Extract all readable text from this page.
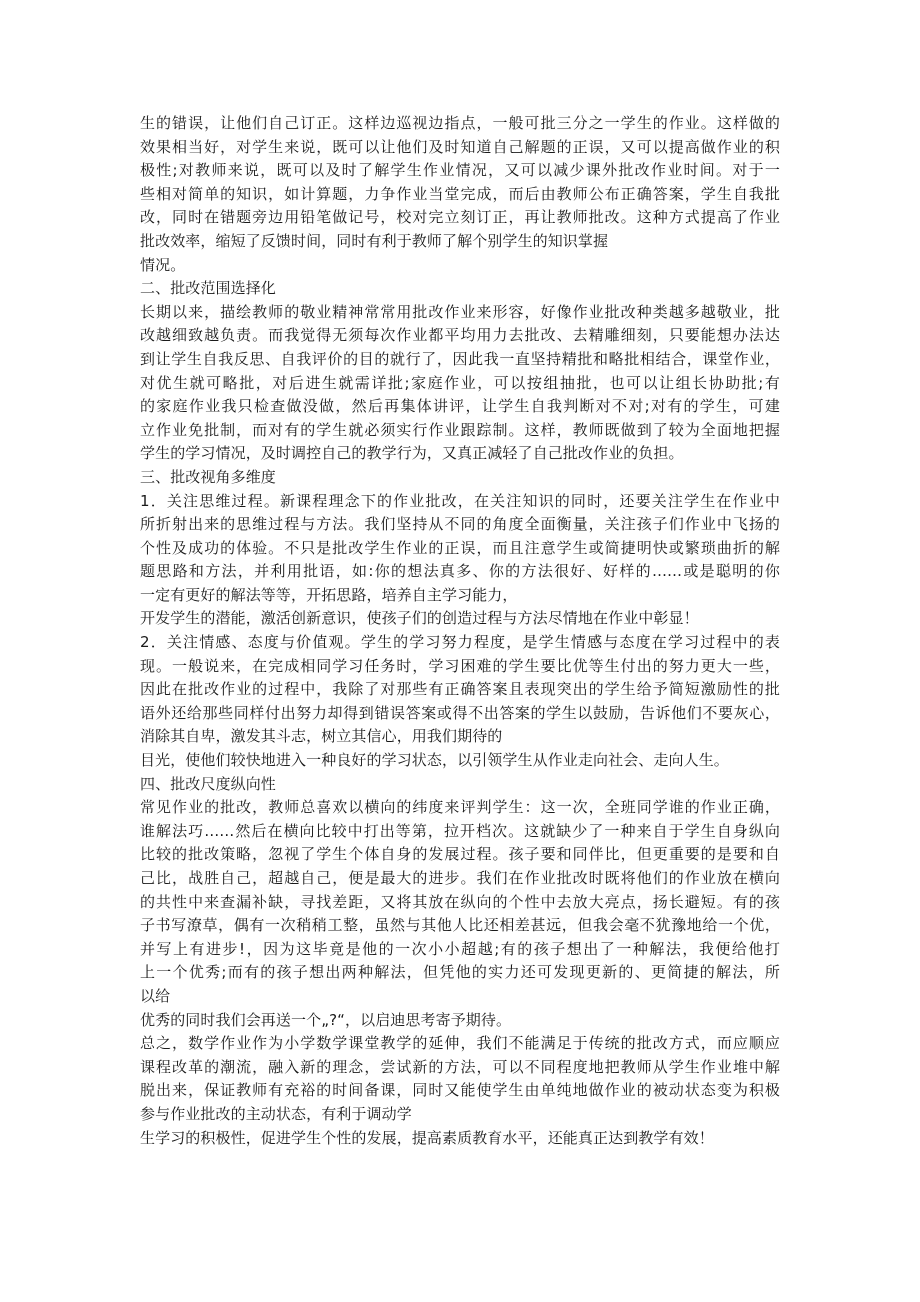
生的错误，让他们自己订正。这样边巡视边指点，一般可批三分之一学生的作业。这样做的
效果相当好，对学生来说，既可以让他们及时知道自己解题的正误，又可以提高做作业的积
极性;对教师来说，既可以及时了解学生作业情况，又可以减少课外批改作业时间。对于一
些相对简单的知识，如计算题，力争作业当堂完成，而后由教师公布正确答案，学生自我批
改，同时在错题旁边用铅笔做记号，校对完立刻订正，再让教师批改。这种方式提高了作业
批改效率，缩短了反馈时间，同时有利于教师了解个别学生的知识掌握
情况。
二、批改范围选择化
长期以来，描绘教师的敬业精神常常用批改作业来形容，好像作业批改种类越多越敬业，批
改越细致越负责。而我觉得无须每次作业都平均用力去批改、去精雕细刻，只要能想办法达
到让学生自我反思、自我评价的目的就行了，因此我一直坚持精批和略批相结合，课堂作业，
对优生就可略批，对后进生就需详批;家庭作业，可以按组抽批，也可以让组长协助批;有
的家庭作业我只检查做没做，然后再集体讲评，让学生自我判断对不对;对有的学生，可建
立作业免批制，而对有的学生就必须实行作业跟踪制。这样，教师既做到了较为全面地把握
学生的学习情况，及时调控自己的教学行为，又真正减轻了自己批改作业的负担。
三、批改视角多维度
1．关注思维过程。新课程理念下的作业批改，在关注知识的同时，还要关注学生在作业中
所折射出来的思维过程与方法。我们坚持从不同的角度全面衡量，关注孩子们作业中飞扬的
个性及成功的体验。不只是批改学生作业的正误，而且注意学生或简捷明快或繁琐曲折的解
题思路和方法，并利用批语，如:你的想法真多、你的方法很好、好样的……或是聪明的你
一定有更好的解法等等，开拓思路，培养自主学习能力，
开发学生的潜能，激活创新意识，使孩子们的创造过程与方法尽情地在作业中彰显！
2．关注情感、态度与价值观。学生的学习努力程度，是学生情感与态度在学习过程中的表
现。一般说来，在完成相同学习任务时，学习困难的学生要比优等生付出的努力更大一些，
因此在批改作业的过程中，我除了对那些有正确答案且表现突出的学生给予简短激励性的批
语外还给那些同样付出努力却得到错误答案或得不出答案的学生以鼓励，告诉他们不要灰心，
消除其自卑，激发其斗志，树立其信心，用我们期待的
目光，使他们较快地进入一种良好的学习状态，以引领学生从作业走向社会、走向人生。
四、批改尺度纵向性
常见作业的批改，教师总喜欢以横向的纬度来评判学生：这一次，全班同学谁的作业正确，
谁解法巧……然后在横向比较中打出等第，拉开档次。这就缺少了一种来自于学生自身纵向
比较的批改策略，忽视了学生个体自身的发展过程。孩子要和同伴比，但更重要的是要和自
己比，战胜自己，超越自己，便是最大的进步。我们在作业批改时既将他们的作业放在横向
的共性中来查漏补缺，寻找差距，又将其放在纵向的个性中去放大亮点，扬长避短。有的孩
子书写潦草，偶有一次稍稍工整，虽然与其他人比还相差甚远，但我会毫不犹豫地给一个优，
并写上有进步!，因为这毕竟是他的一次小小超越;有的孩子想出了一种解法，我便给他打
上一个优秀;而有的孩子想出两种解法，但凭他的实力还可发现更新的、更简捷的解法，所
以给
优秀的同时我们会再送一个„?“，以启迪思考寄予期待。
总之，数学作业作为小学数学课堂教学的延伸，我们不能满足于传统的批改方式，而应顺应
课程改革的潮流，融入新的理念，尝试新的方法，可以不同程度地把教师从学生作业堆中解
脱出来，保证教师有充裕的时间备课，同时又能使学生由单纯地做作业的被动状态变为积极
参与作业批改的主动状态，有利于调动学
生学习的积极性，促进学生个性的发展，提高素质教育水平，还能真正达到教学有效！
